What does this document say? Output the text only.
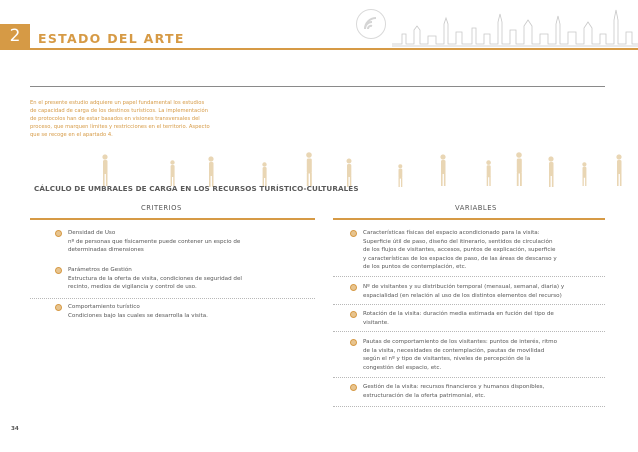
2	ESTADO DEL ARTE
En el presente estudio adquiere un papel fundamental los estudios
de capacidad de carga de los destinos turísticos. La implementación
de protocolos han de estar basados en visiones transversales del
proceso, que marquen límites y restricciones en el territorio. Aspecto
que se recoge en el apartado 4.
CÁLCULO DE UMBRALES DE CARGA EN LOS RECURSOS TURÍSTICO-CULTURALES
CRITERIOS	VARIABLES
Densidad de Uso
nº de personas que físicamente puede contener un espcio de
determinadas dimensiones
Parámetros de Gestión
Estructura de la oferta de visita, condiciones de seguridad del
recinto, medios de vigilancia y control de uso.
Comportamiento turístico
Condiciones bajo las cuales se desarrolla la visita.
Características físicas del espacio acondicionado para la visita:
Superficie útil de paso, diseño del itinerario, sentidos de circulación
de los flujos de visitantes, accesos, puntos de explicación, superficie
y características de los espacios de paso, de las áreas de descanso y
de los puntos de contemplación, etc.
Nº de visitantes y su distribución temporal (mensual, semanal, diaria) y
espacialidad (en relación al uso de los distintos elementos del recurso)
Rotación de la visita: duración media estimada en fución del tipo de
visitante.
Pautas de comportamiento de los visitantes: puntos de interés, ritmo
de la visita, necesidades de contemplación, pautas de movilidad
según el nº y tipo de visitantes, niveles de percepción de la
congestión del espacio, etc.
Gestión de la visita: recursos financieros y humanos disponibles,
estructuración de la oferta patrimonial, etc.
34
